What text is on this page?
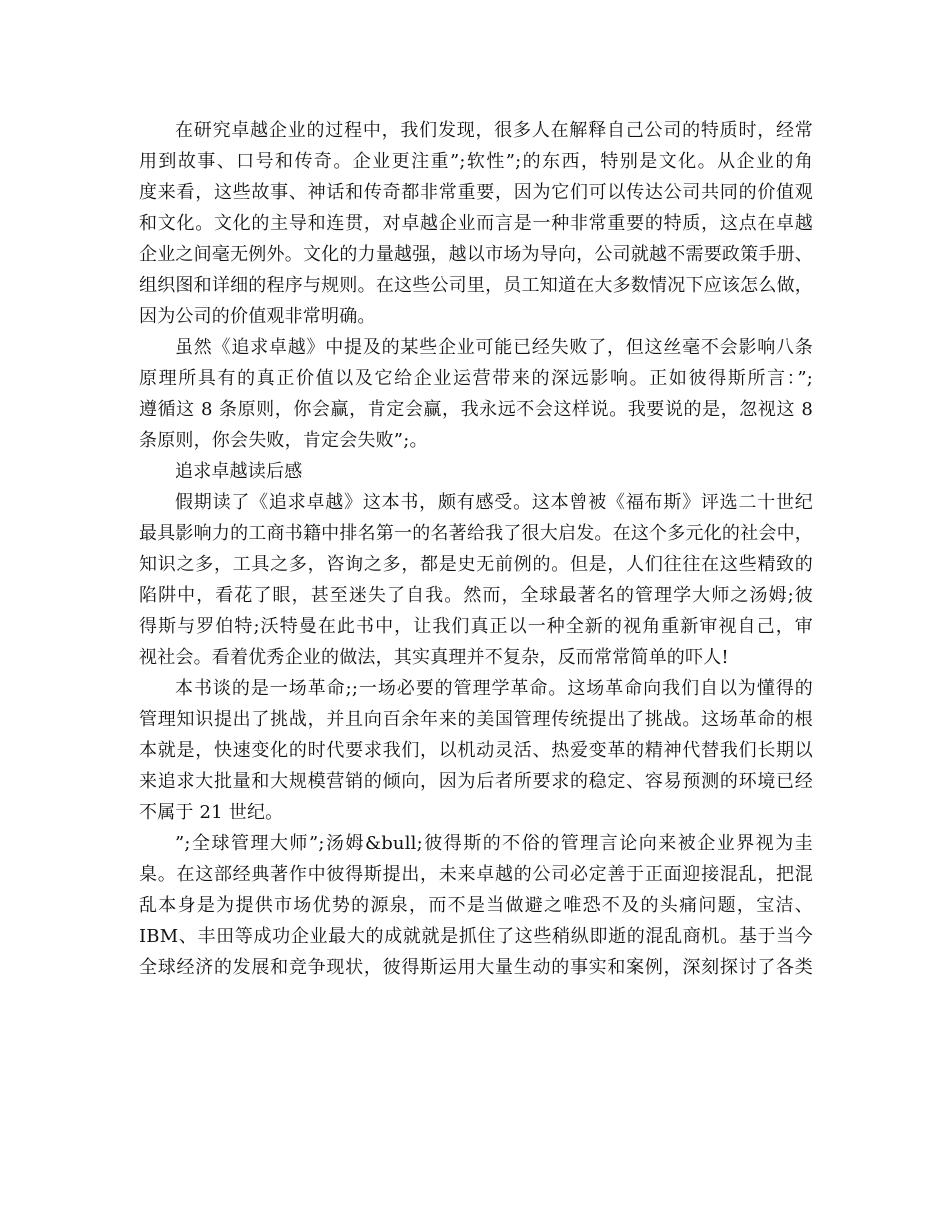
在研究卓越企业的过程中，我们发现，很多人在解释自己公司的特质时，经常
用到故事、口号和传奇。企业更注重”;软性”;的东西，特别是文化。从企业的角
度来看，这些故事、神话和传奇都非常重要，因为它们可以传达公司共同的价值观
和文化。文化的主导和连贯，对卓越企业而言是一种非常重要的特质，这点在卓越
企业之间毫无例外。文化的力量越强，越以市场为导向，公司就越不需要政策手册、
组织图和详细的程序与规则。在这些公司里，员工知道在大多数情况下应该怎么做，
因为公司的价值观非常明确。
虽然《追求卓越》中提及的某些企业可能已经失败了，但这丝毫不会影响八条
原理所具有的真正价值以及它给企业运营带来的深远影响。正如彼得斯所言：”;
遵循这 8 条原则，你会赢，肯定会赢，我永远不会这样说。我要说的是，忽视这 8
条原则，你会失败，肯定会失败”;。
追求卓越读后感
假期读了《追求卓越》这本书，颇有感受。这本曾被《福布斯》评选二十世纪
最具影响力的工商书籍中排名第一的名著给我了很大启发。在这个多元化的社会中，
知识之多，工具之多，咨询之多，都是史无前例的。但是，人们往往在这些精致的
陷阱中，看花了眼，甚至迷失了自我。然而，全球最著名的管理学大师之汤姆;彼
得斯与罗伯特;沃特曼在此书中，让我们真正以一种全新的视角重新审视自己，审
视社会。看着优秀企业的做法，其实真理并不复杂，反而常常简单的吓人!
本书谈的是一场革命;;一场必要的管理学革命。这场革命向我们自以为懂得的
管理知识提出了挑战，并且向百余年来的美国管理传统提出了挑战。这场革命的根
本就是，快速变化的时代要求我们，以机动灵活、热爱变革的精神代替我们长期以
来追求大批量和大规模营销的倾向，因为后者所要求的稳定、容易预测的环境已经
不属于 21 世纪。
”;全球管理大师”;汤姆&bull;彼得斯的不俗的管理言论向来被企业界视为圭
臬。在这部经典著作中彼得斯提出，未来卓越的公司必定善于正面迎接混乱，把混
乱本身是为提供市场优势的源泉，而不是当做避之唯恐不及的头痛问题，宝洁、
IBM、丰田等成功企业最大的成就就是抓住了这些稍纵即逝的混乱商机。基于当今
全球经济的发展和竞争现状，彼得斯运用大量生动的事实和案例，深刻探讨了各类
